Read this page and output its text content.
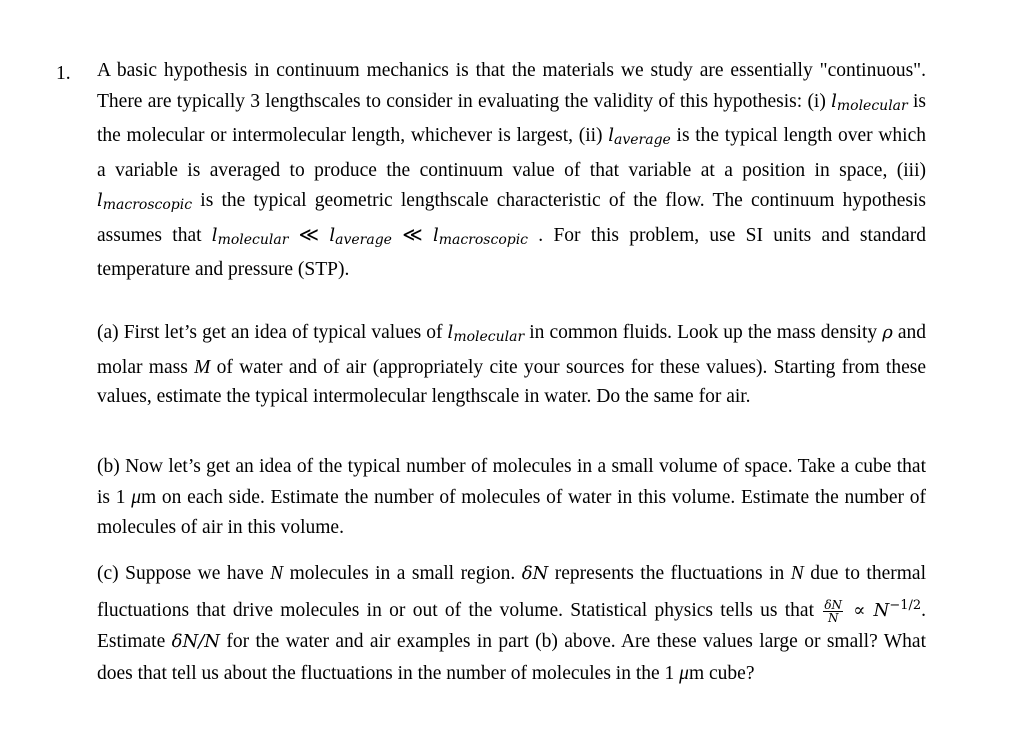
1. A basic hypothesis in continuum mechanics is that the materials we study are essentially "continuous". There are typically 3 lengthscales to consider in evaluating the validity of this hypothesis: (i) lmolecular is the molecular or intermolecular length, whichever is largest, (ii) laverage is the typical length over which a variable is averaged to produce the continuum value of that variable at a position in space, (iii) lmacroscopic is the typical geometric lengthscale characteristic of the flow. The continuum hypothesis assumes that lmolecular ≪ laverage ≪ lmacroscopic . For this problem, use SI units and standard temperature and pressure (STP).

(a) First let’s get an idea of typical values of lmolecular in common fluids. Look up the mass density ρ and molar mass M of water and of air (appropriately cite your sources for these values). Starting from these values, estimate the typical intermolecular lengthscale in water. Do the same for air.

(b) Now let’s get an idea of the typical number of molecules in a small volume of space. Take a cube that is 1 μm on each side. Estimate the number of molecules of water in this volume. Estimate the number of molecules of air in this volume.

(c) Suppose we have N molecules in a small region. δN represents the fluctuations in N due to thermal fluctuations that drive molecules in or out of the volume. Statistical physics tells us that $\frac{\delta N}{N} \propto N^{-1/2}$. Estimate δN/N for the water and air examples in part (b) above. Are these values large or small? What does that tell us about the fluctuations in the number of molecules in the 1 μm cube?
